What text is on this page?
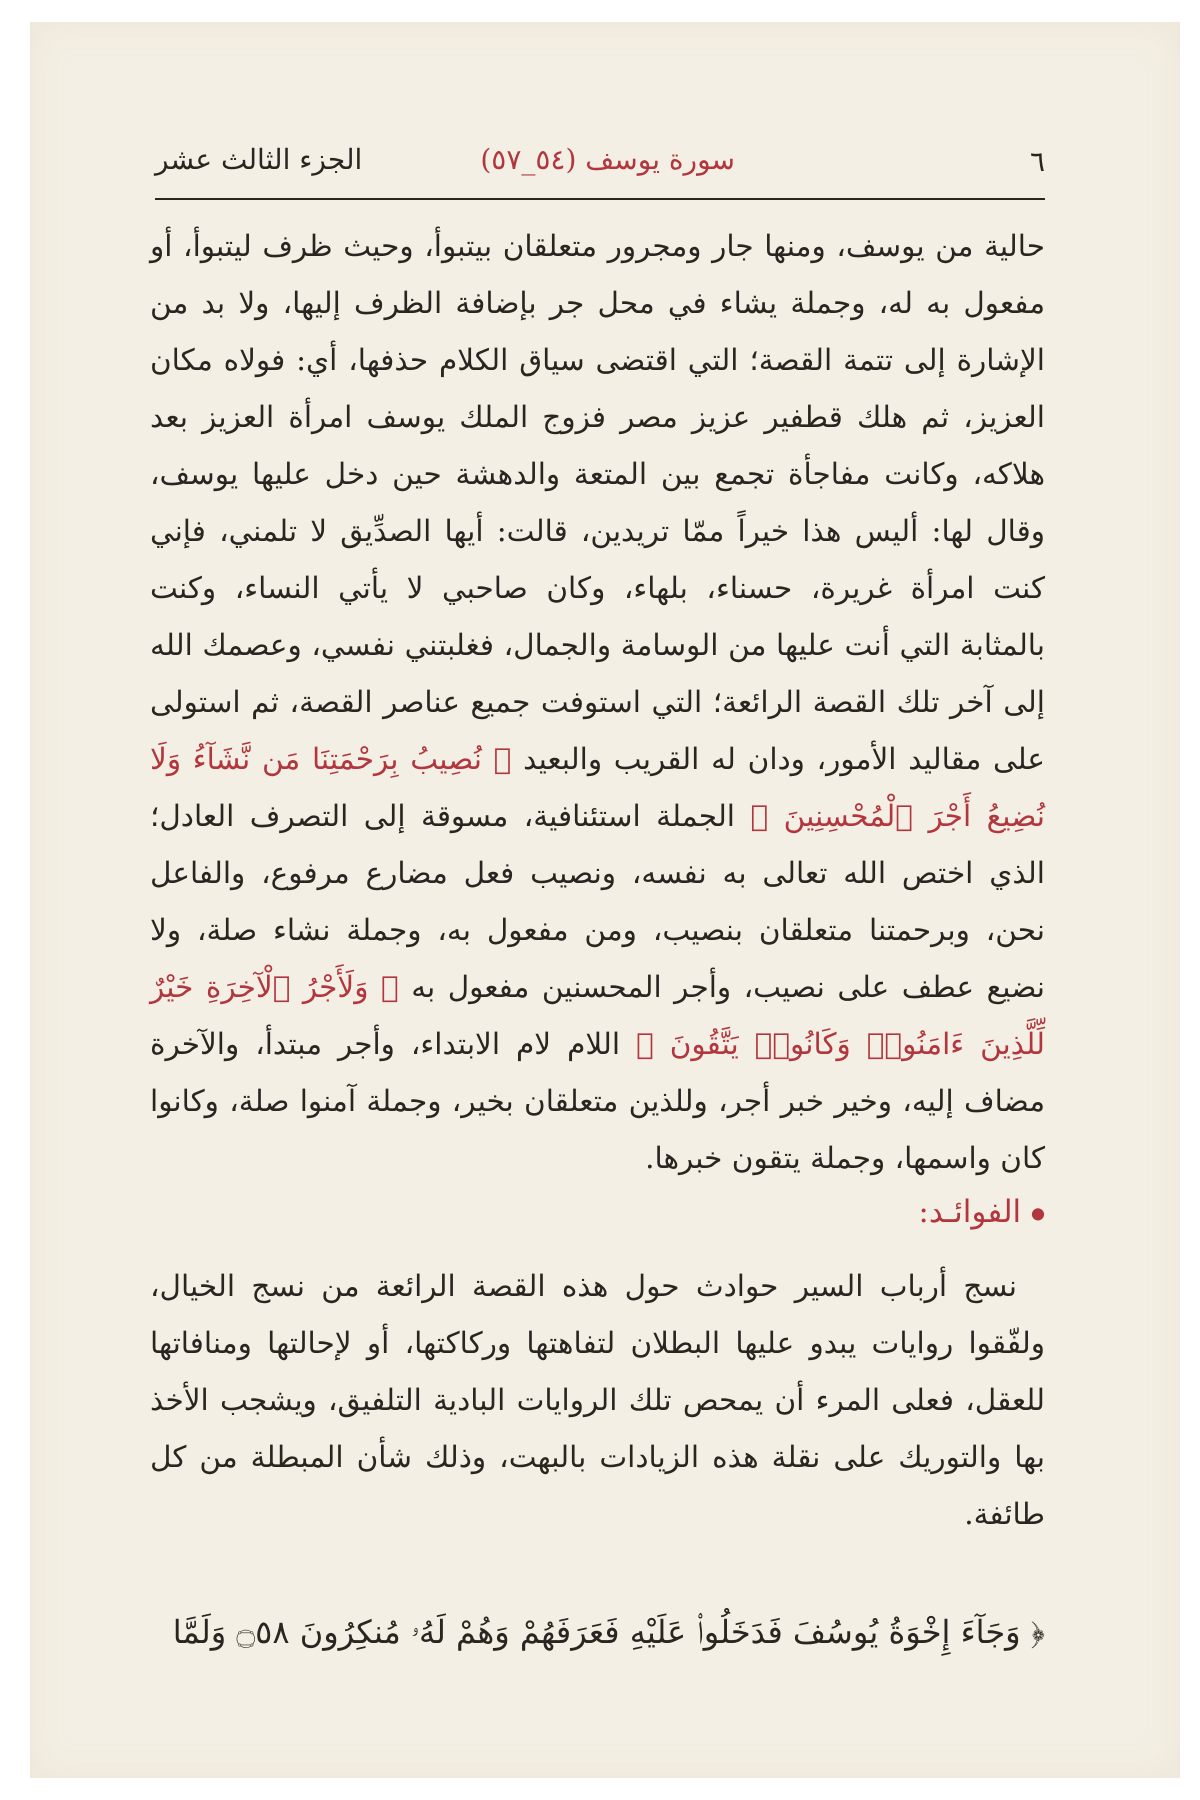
٦
سورة يوسف (٥٤_٥٧)
الجزء الثالث عشر
حالية من يوسف، ومنها جار ومجرور متعلقان بيتبوأ، وحيث ظرف ليتبوأ، أو مفعول به له، وجملة يشاء في محل جر بإضافة الظرف إليها، ولا بد من الإشارة إلى تتمة القصة؛ التي اقتضى سياق الكلام حذفها، أي: فولاه مكان العزيز، ثم هلك قطفير عزيز مصر فزوج الملك يوسف امرأة العزيز بعد هلاكه، وكانت مفاجأة تجمع بين المتعة والدهشة حين دخل عليها يوسف، وقال لها: أليس هذا خيراً ممّا تريدين، قالت: أيها الصدِّيق لا تلمني، فإني كنت امرأة غريرة، حسناء، بلهاء، وكان صاحبي لا يأتي النساء، وكنت بالمثابة التي أنت عليها من الوسامة والجمال، فغلبتني نفسي، وعصمك الله إلى آخر تلك القصة الرائعة؛ التي استوفت جميع عناصر القصة، ثم استولى على مقاليد الأمور، ودان له القريب والبعيد ﴿ نُصِيبُ بِرَحْمَتِنَا مَن نَّشَآءُ وَلَا نُضِيعُ أَجْرَ ٱلْمُحْسِنِينَ ﴾ الجملة استئنافية، مسوقة إلى التصرف العادل؛ الذي اختص الله تعالى به نفسه، ونصيب فعل مضارع مرفوع، والفاعل نحن، وبرحمتنا متعلقان بنصيب، ومن مفعول به، وجملة نشاء صلة، ولا نضيع عطف على نصيب، وأجر المحسنين مفعول به ﴿ وَلَأَجْرُ ٱلْآخِرَةِ خَيْرٌ لِّلَّذِينَ ءَامَنُوا۟ وَكَانُوا۟ يَتَّقُونَ ﴾ اللام لام الابتداء، وأجر مبتدأ، والآخرة مضاف إليه، وخير خبر أجر، وللذين متعلقان بخير، وجملة آمنوا صلة، وكانوا كان واسمها، وجملة يتقون خبرها.
● الفوائـد:
نسج أرباب السير حوادث حول هذه القصة الرائعة من نسج الخيال، ولفّقوا روايات يبدو عليها البطلان لتفاهتها وركاكتها، أو لإحالتها ومنافاتها للعقل، فعلى المرء أن يمحص تلك الروايات البادية التلفيق، ويشجب الأخذ بها والتوريك على نقلة هذه الزيادات بالبهت، وذلك شأن المبطلة من كل طائفة.
﴿ وَجَآءَ إِخْوَةُ يُوسُفَ فَدَخَلُوا۟ عَلَيْهِ فَعَرَفَهُمْ وَهُمْ لَهُۥ مُنكِرُونَ ۝٥٨ وَلَمَّا
